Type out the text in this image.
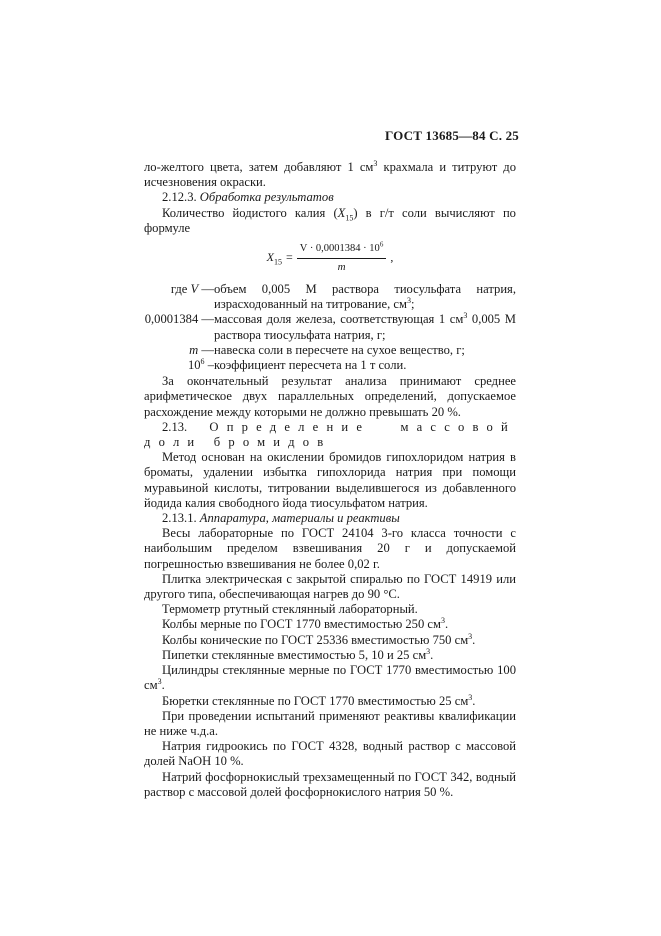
ГОСТ 13685—84 С. 25

ло-желтого цвета, затем добавляют 1 $см^3$ крахмала и титруют до исчезновения окраски.

2.12.3. Обработка результатов

Количество йодистого калия $(X_{15})$ в г/т соли вычисляют по формуле

$X_{15} = \frac{V \cdot 0,0001384 \cdot 10^6}{m}$ ,
где V — объем 0,005 М раствора тиосульфата натрия, израсходованный на титрование, $см^3$;
0,0001384 — массовая доля железа, соответствующая 1 $см^3$ 0,005 М раствора тиосульфата натрия, г;
m — навеска соли в пересчете на сухое вещество, г;
$10^6$ – коэффициент пересчета на 1 т соли.

За окончательный результат анализа принимают среднее арифметическое двух параллельных определений, допускаемое расхождение между которыми не должно превышать 20 %.

2.13. Определение массовой доли бромидов

Метод основан на окислении бромидов гипохлоридом натрия в броматы, удалении избытка гипохлорида натрия при помощи муравьиной кислоты, титровании выделившегося из добавленного йодида калия свободного йода тиосульфатом натрия.

2.13.1. Аппаратура, материалы и реактивы

Весы лабораторные по ГОСТ 24104 3-го класса точности с наибольшим пределом взвешивания 20 г и допускаемой погрешностью взвешивания не более 0,02 г.

Плитка электрическая с закрытой спиралью по ГОСТ 14919 или другого типа, обеспечивающая нагрев до 90 °С.

Термометр ртутный стеклянный лабораторный.

Колбы мерные по ГОСТ 1770 вместимостью 250 $см^3$.

Колбы конические по ГОСТ 25336 вместимостью 750 $см^3$.

Пипетки стеклянные вместимостью 5, 10 и 25 $см^3$.

Цилиндры стеклянные мерные по ГОСТ 1770 вместимостью 100 $см^3$.

Бюретки стеклянные по ГОСТ 1770 вместимостью 25 $см^3$.

При проведении испытаний применяют реактивы квалификации не ниже ч.д.а.

Натрия гидроокись по ГОСТ 4328, водный раствор с массовой долей NaOH 10 %.

Натрий фосфорнокислый трехзамещенный по ГОСТ 342, водный раствор с массовой долей фосфорнокислого натрия 50 %.
